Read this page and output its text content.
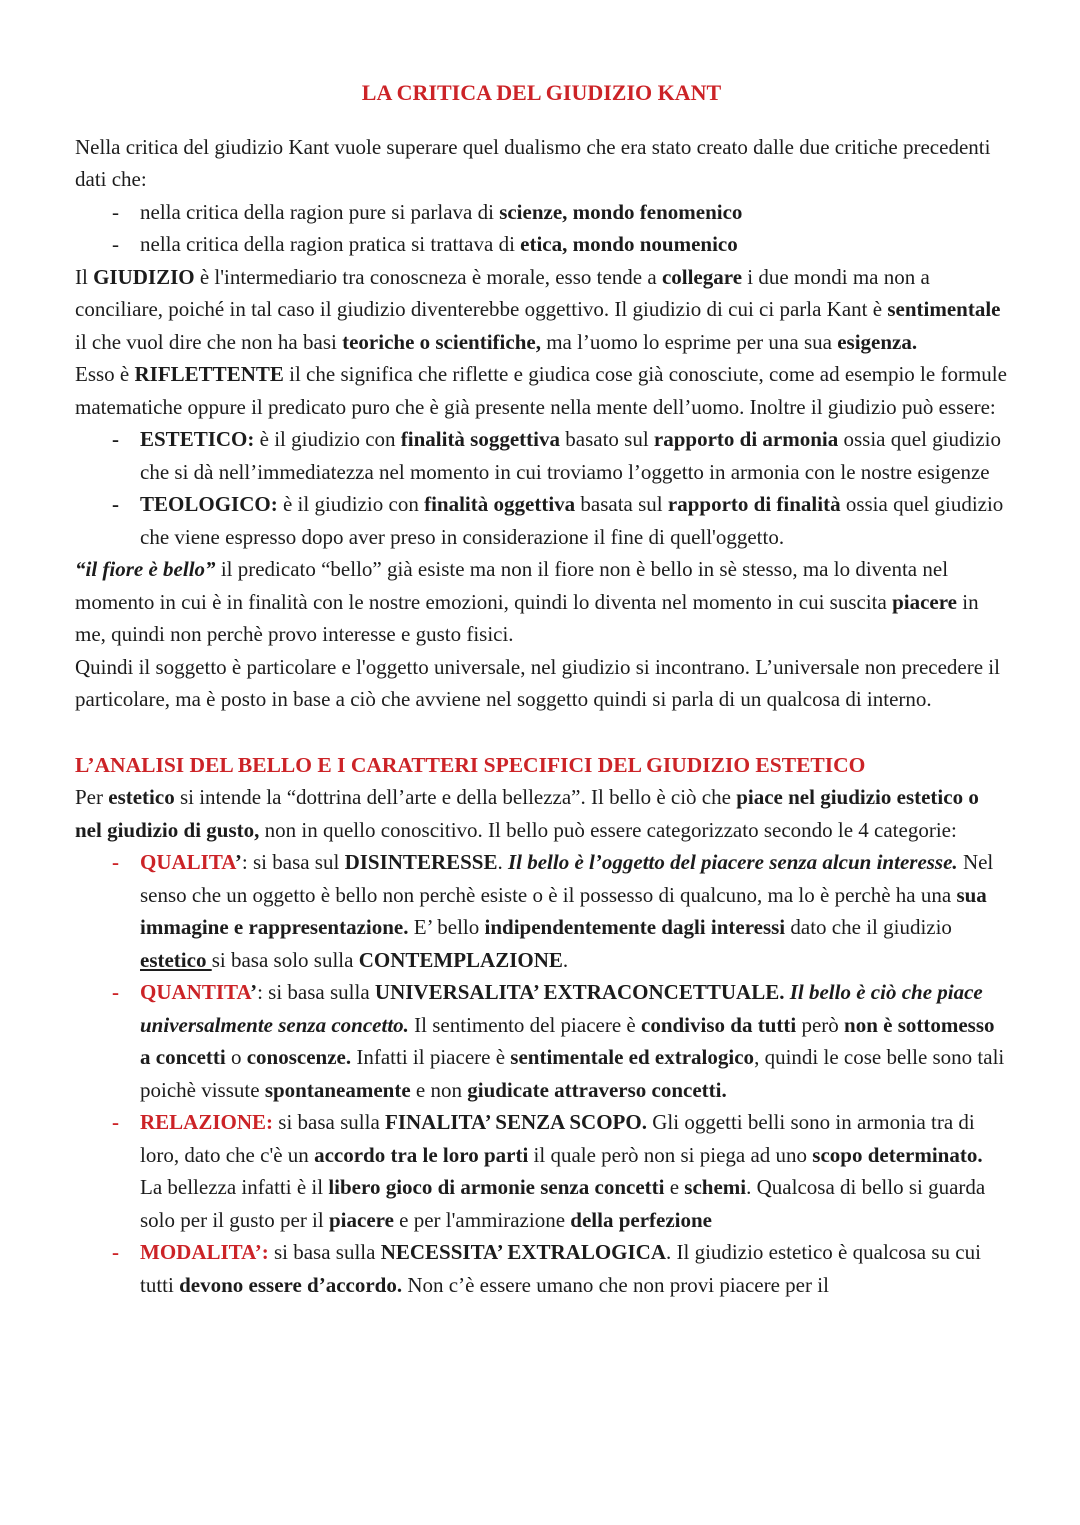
LA CRITICA DEL GIUDIZIO KANT

Nella critica del giudizio Kant vuole superare quel dualismo che era stato creato dalle due critiche precedenti dati che:

- nella critica della ragion pure si parlava di scienze, mondo fenomenico
- nella critica della ragion pratica si trattava di etica, mondo noumenico

Il GIUDIZIO è l'intermediario tra conoscneza è morale, esso tende a collegare i due mondi ma non a conciliare, poiché in tal caso il giudizio diventerebbe oggettivo. Il giudizio di cui ci parla Kant è sentimentale il che vuol dire che non ha basi teoriche o scientifiche, ma l’uomo lo esprime per una sua esigenza.

Esso è RIFLETTENTE il che significa che riflette e giudica cose già conosciute, come ad esempio le formule matematiche oppure il predicato puro che è già presente nella mente dell’uomo. Inoltre il giudizio può essere:

- ESTETICO: è il giudizio con finalità soggettiva basato sul rapporto di armonia ossia quel giudizio che si dà nell’immediatezza nel momento in cui troviamo l’oggetto in armonia con le nostre esigenze
- TEOLOGICO: è il giudizio con finalità oggettiva basata sul rapporto di finalità ossia quel giudizio che viene espresso dopo aver preso in considerazione il fine di quell'oggetto.

“il fiore è bello” il predicato “bello” già esiste ma non il fiore non è bello in sè stesso, ma lo diventa nel momento in cui è in finalità con le nostre emozioni, quindi lo diventa nel momento in cui suscita piacere in me, quindi non perchè provo interesse e gusto fisici.

Quindi il soggetto è particolare e l'oggetto universale, nel giudizio si incontrano. L’universale non precedere il particolare, ma è posto in base a ciò che avviene nel soggetto quindi si parla di un qualcosa di interno.

L’ANALISI DEL BELLO E I CARATTERI SPECIFICI DEL GIUDIZIO ESTETICO

Per estetico si intende la “dottrina dell’arte e della bellezza”. Il bello è ciò che piace nel giudizio estetico o nel giudizio di gusto, non in quello conoscitivo. Il bello può essere categorizzato secondo le 4 categorie:

- QUALITA’: si basa sul DISINTERESSE. Il bello è l’oggetto del piacere senza alcun interesse. Nel senso che un oggetto è bello non perchè esiste o è il possesso di qualcuno, ma lo è perchè ha una sua immagine e rappresentazione. E’ bello indipendentemente dagli interessi dato che il giudizio estetico si basa solo sulla CONTEMPLAZIONE.
- QUANTITA’: si basa sulla UNIVERSALITA’ EXTRACONCETTUALE. Il bello è ciò che piace universalmente senza concetto. Il sentimento del piacere è condiviso da tutti però non è sottomesso a concetti o conoscenze. Infatti il piacere è sentimentale ed extralogico, quindi le cose belle sono tali poichè vissute spontaneamente e non giudicate attraverso concetti.
- RELAZIONE: si basa sulla FINALITA’ SENZA SCOPO. Gli oggetti belli sono in armonia tra di loro, dato che c'è un accordo tra le loro parti il quale però non si piega ad uno scopo determinato. La bellezza infatti è il libero gioco di armonie senza concetti e schemi. Qualcosa di bello si guarda solo per il gusto per il piacere e per l'ammirazione della perfezione
- MODALITA’: si basa sulla NECESSITA’ EXTRALOGICA. Il giudizio estetico è qualcosa su cui tutti devono essere d’accordo. Non c’è essere umano che non provi piacere per il
